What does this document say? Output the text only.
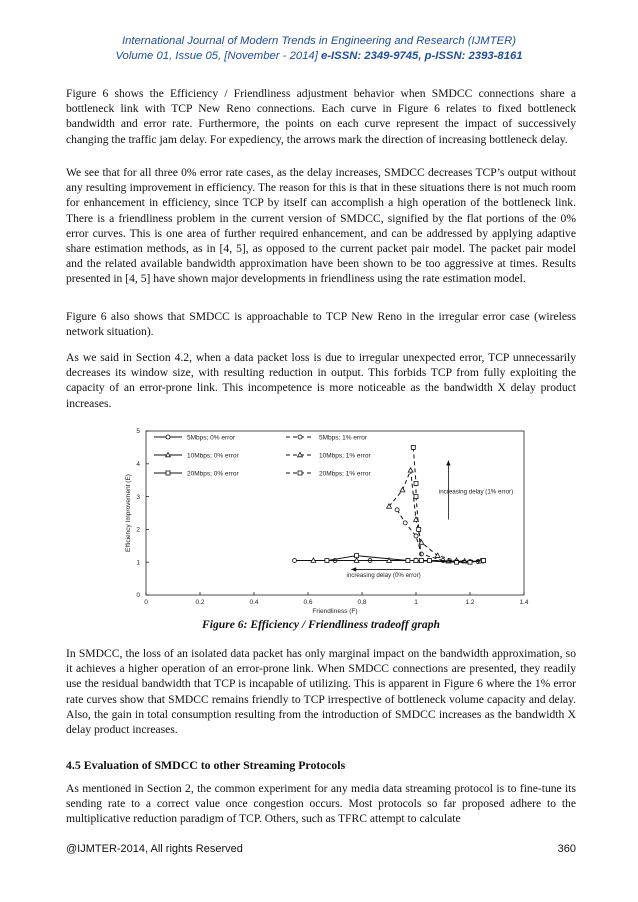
International Journal of Modern Trends in Engineering and Research (IJMTER)
Volume 01, Issue 05, [November - 2014] e-ISSN: 2349-9745, p-ISSN: 2393-8161

Figure 6 shows the Efficiency / Friendliness adjustment behavior when SMDCC connections share a bottleneck link with TCP New Reno connections. Each curve in Figure 6 relates to fixed bottleneck bandwidth and error rate. Furthermore, the points on each curve represent the impact of successively changing the traffic jam delay. For expediency, the arrows mark the direction of increasing bottleneck delay.

We see that for all three 0% error rate cases, as the delay increases, SMDCC decreases TCP’s output without any resulting improvement in efficiency. The reason for this is that in these situations there is not much room for enhancement in efficiency, since TCP by itself can accomplish a high operation of the bottleneck link. There is a friendliness problem in the current version of SMDCC, signified by the flat portions of the 0% error curves. This is one area of further required enhancement, and can be addressed by applying adaptive share estimation methods, as in [4, 5], as opposed to the current packet pair model. The packet pair model and the related available bandwidth approximation have been shown to be too aggressive at times. Results presented in [4, 5] have shown major developments in friendliness using the rate estimation model.

Figure 6 also shows that SMDCC is approachable to TCP New Reno in the irregular error case (wireless network situation).

As we said in Section 4.2, when a data packet loss is due to irregular unexpected error, TCP unnecessarily decreases its window size, with resulting reduction in output. This forbids TCP from fully exploiting the capacity of an error-prone link. This incompetence is more noticeable as the bandwidth X delay product increases.

0	0.2	0.4	0.6	0.8	1	1.2	1.4
0
1
2
3
4
5
Friendliness (F)
Efficiency Improvement (E)
5Mbps; 0% error	5Mbps; 1% error
10Mbps; 0% error	10Mbps; 1% error
20Mbps; 0% error	20Mbps; 1% error
increasing delay (0% error)
increasing delay (1% error)
Figure 6: Efficiency / Friendliness tradeoff graph

In SMDCC, the loss of an isolated data packet has only marginal impact on the bandwidth approximation, so it achieves a higher operation of an error-prone link. When SMDCC connections are presented, they readily use the residual bandwidth that TCP is incapable of utilizing. This is apparent in Figure 6 where the 1% error rate curves show that SMDCC remains friendly to TCP irrespective of bottleneck volume capacity and delay. Also, the gain in total consumption resulting from the introduction of SMDCC increases as the bandwidth X delay product increases.

4.5 Evaluation of SMDCC to other Streaming Protocols

As mentioned in Section 2, the common experiment for any media data streaming protocol is to fine-tune its sending rate to a correct value once congestion occurs. Most protocols so far proposed adhere to the multiplicative reduction paradigm of TCP. Others, such as TFRC attempt to calculate

@IJMTER-2014, All rights Reserved	360
